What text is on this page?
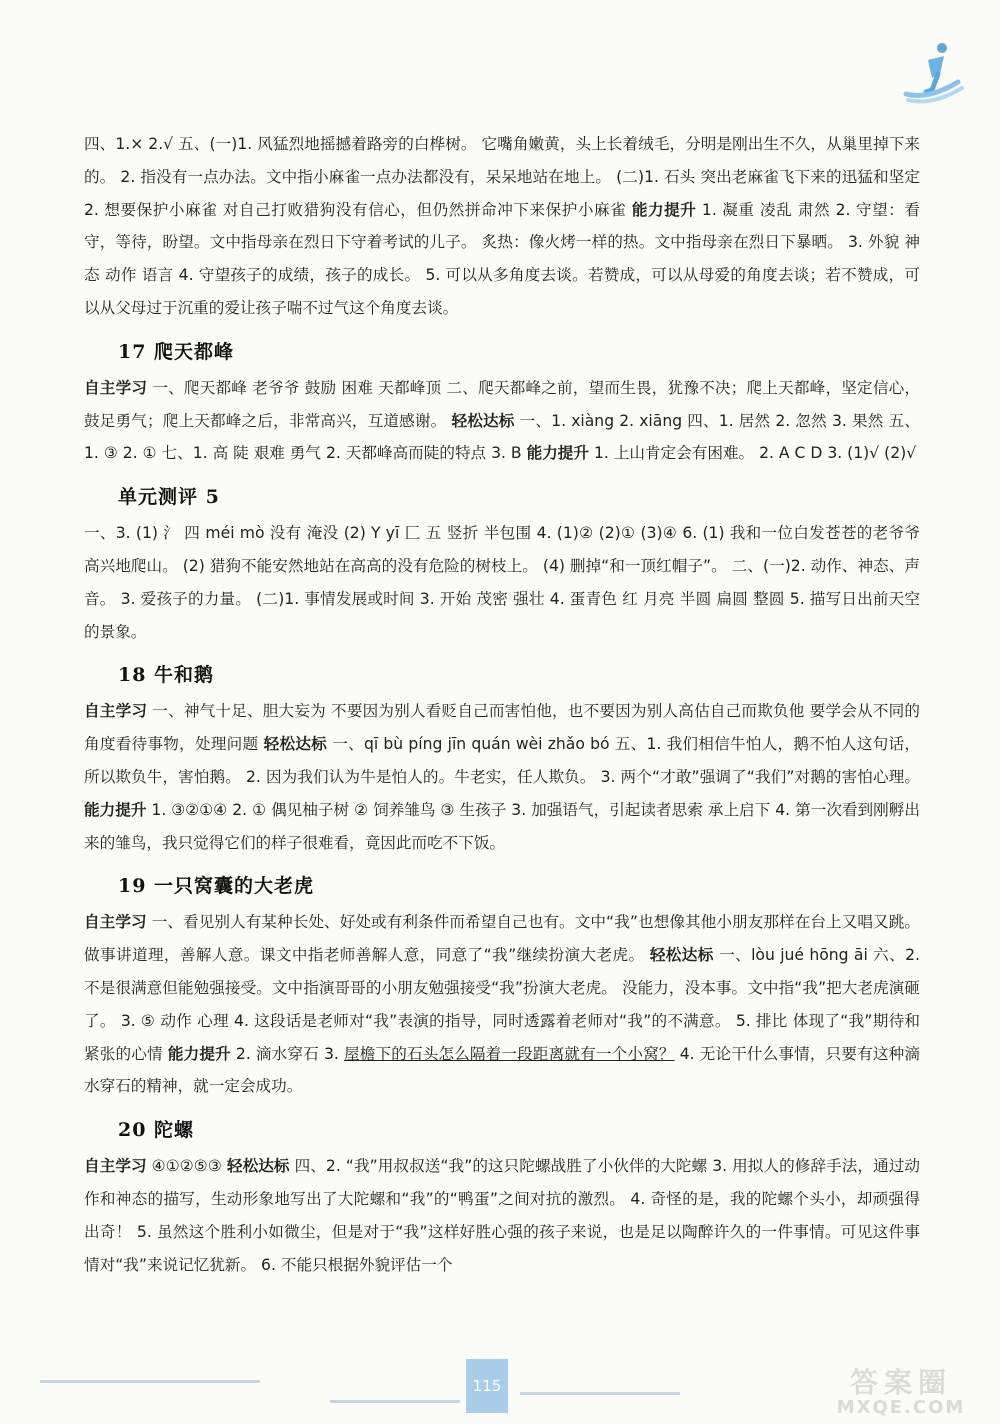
四、1.× 2.√ 五、(一)1. 风猛烈地摇撼着路旁的白桦树。 它嘴角嫩黄，头上长着绒毛，分明是刚出生不久，从巢里掉下来的。 2. 指没有一点办法。文中指小麻雀一点办法都没有，呆呆地站在地上。 (二)1. 石头 突出老麻雀飞下来的迅猛和坚定 2. 想要保护小麻雀 对自己打败猎狗没有信心，但仍然拼命冲下来保护小麻雀 能力提升 1. 凝重 凌乱 肃然 2. 守望：看守，等待，盼望。文中指母亲在烈日下守着考试的儿子。 炙热：像火烤一样的热。文中指母亲在烈日下暴晒。 3. 外貌 神态 动作 语言 4. 守望孩子的成绩，孩子的成长。 5. 可以从多角度去谈。若赞成，可以从母爱的角度去谈；若不赞成，可以从父母过于沉重的爱让孩子喘不过气这个角度去谈。

17 爬天都峰

自主学习 一、爬天都峰 老爷爷 鼓励 困难 天都峰顶 二、爬天都峰之前，望而生畏，犹豫不决；爬上天都峰，坚定信心，鼓足勇气；爬上天都峰之后，非常高兴，互道感谢。 轻松达标 一、1. xiàng 2. xiāng 四、1. 居然 2. 忽然 3. 果然 五、1. ③ 2. ① 七、1. 高 陡 艰难 勇气 2. 天都峰高而陡的特点 3. B 能力提升 1. 上山肯定会有困难。 2. A C D 3. (1)√ (2)√

单元测评 5

一、3. (1) 氵 四 méi mò 没有 淹没 (2) Y yī 匚 五 竖折 半包围 4. (1)② (2)① (3)④ 6. (1) 我和一位白发苍苍的老爷爷高兴地爬山。 (2) 猎狗不能安然地站在高高的没有危险的树枝上。 (4) 删掉“和一顶红帽子”。 二、(一)2. 动作、神态、声音。 3. 爱孩子的力量。 (二)1. 事情发展或时间 3. 开始 茂密 强壮 4. 蛋青色 红 月亮 半圆 扁圆 整圆 5. 描写日出前天空的景象。

18 牛和鹅

自主学习 一、神气十足、胆大妄为 不要因为别人看贬自己而害怕他，也不要因为别人高估自己而欺负他 要学会从不同的角度看待事物，处理问题 轻松达标 一、qī bù píng jīn quán wèi zhǎo bó 五、1. 我们相信牛怕人，鹅不怕人这句话，所以欺负牛，害怕鹅。 2. 因为我们认为牛是怕人的。牛老实，任人欺负。 3. 两个“才敢”强调了“我们”对鹅的害怕心理。 能力提升 1. ③②①④ 2. ① 偶见柚子树 ② 饲养雏鸟 ③ 生孩子 3. 加强语气，引起读者思索 承上启下 4. 第一次看到刚孵出来的雏鸟，我只觉得它们的样子很难看，竟因此而吃不下饭。

19 一只窝囊的大老虎

自主学习 一、看见别人有某种长处、好处或有利条件而希望自己也有。文中“我”也想像其他小朋友那样在台上又唱又跳。 做事讲道理，善解人意。课文中指老师善解人意，同意了“我”继续扮演大老虎。 轻松达标 一、lòu jué hōng āi 六、2. 不是很满意但能勉强接受。文中指演哥哥的小朋友勉强接受“我”扮演大老虎。 没能力，没本事。文中指“我”把大老虎演砸了。 3. ⑤ 动作 心理 4. 这段话是老师对“我”表演的指导，同时透露着老师对“我”的不满意。 5. 排比 体现了“我”期待和紧张的心情 能力提升 2. 滴水穿石 3. 屋檐下的石头怎么隔着一段距离就有一个小窝？ 4. 无论干什么事情，只要有这种滴水穿石的精神，就一定会成功。

20 陀螺

自主学习 ④①②⑤③ 轻松达标 四、2. “我”用叔叔送“我”的这只陀螺战胜了小伙伴的大陀螺 3. 用拟人的修辞手法，通过动作和神态的描写，生动形象地写出了大陀螺和“我”的“鸭蛋”之间对抗的激烈。 4. 奇怪的是，我的陀螺个头小，却顽强得出奇！ 5. 虽然这个胜利小如微尘，但是对于“我”这样好胜心强的孩子来说，也是足以陶醉许久的一件事情。可见这件事情对“我”来说记忆犹新。 6. 不能只根据外貌评估一个

115	答案圈
MXQE.COM
